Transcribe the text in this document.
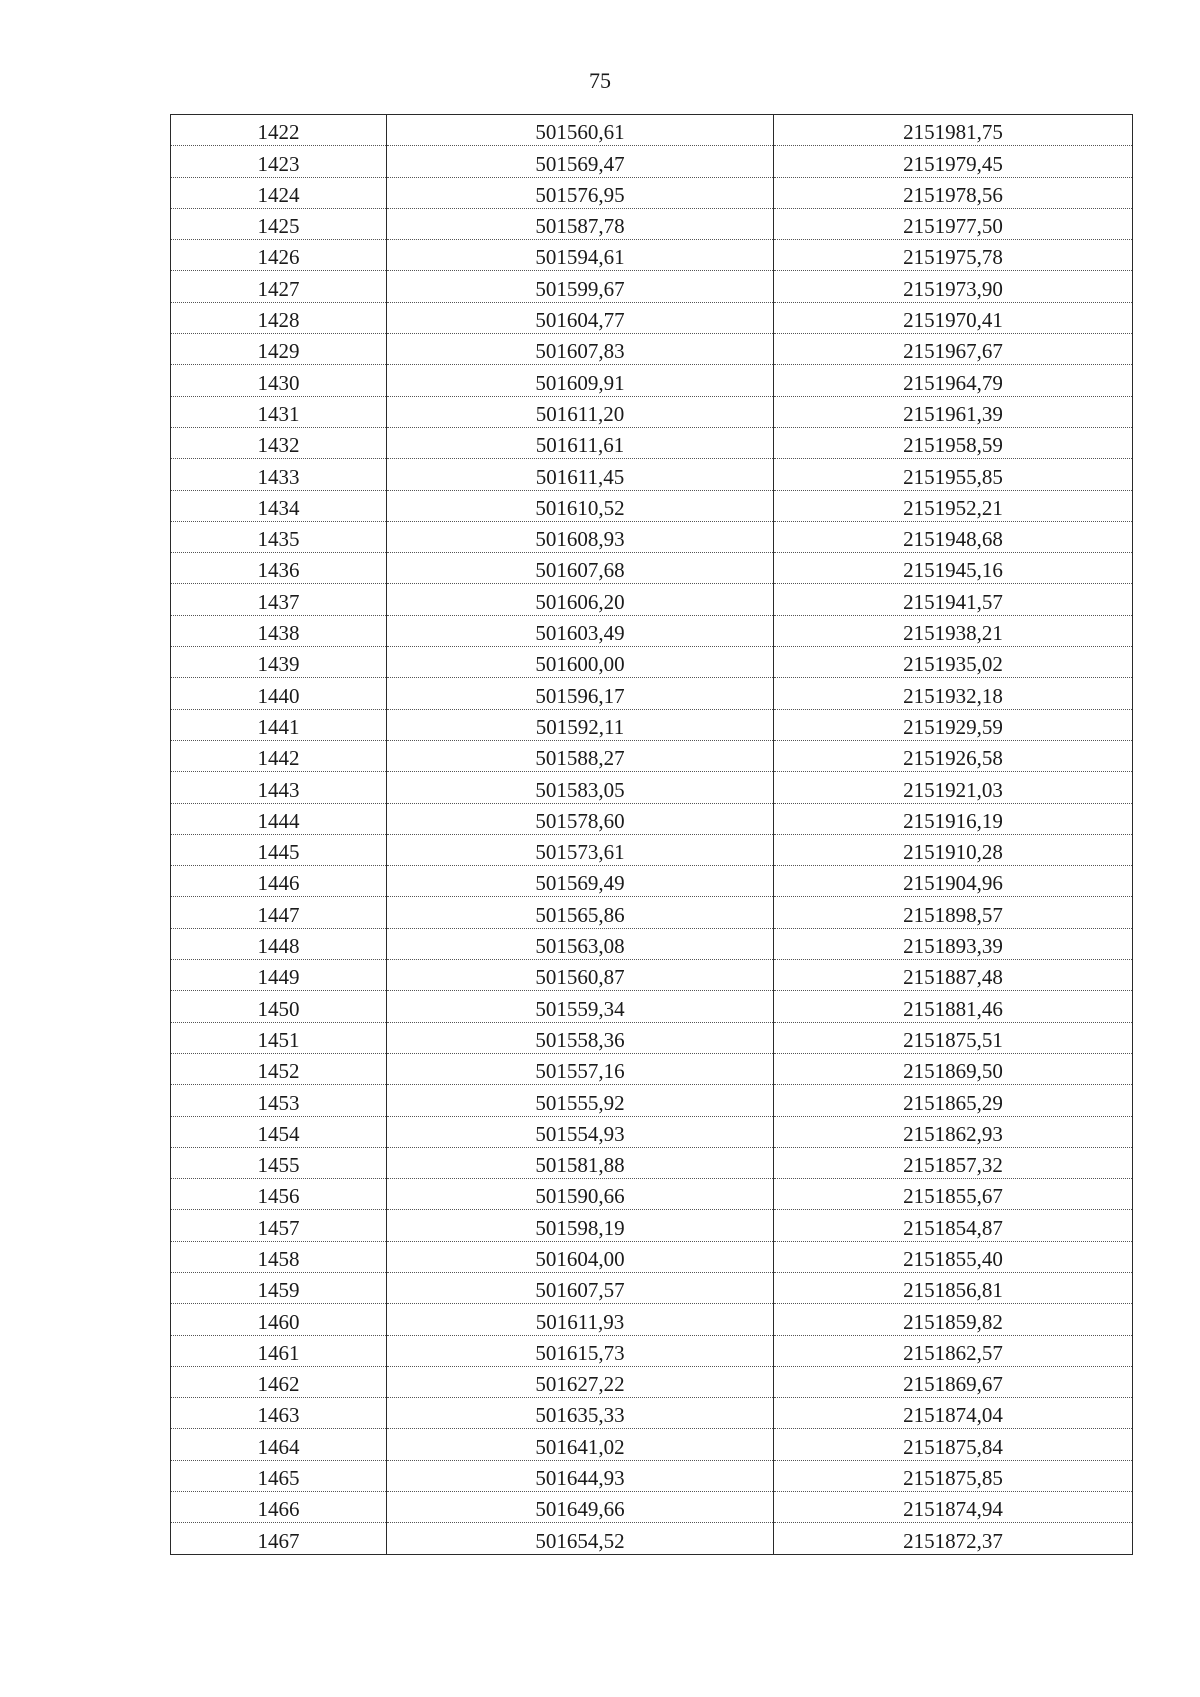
75
1422	501560,61	2151981,75
1423	501569,47	2151979,45
1424	501576,95	2151978,56
1425	501587,78	2151977,50
1426	501594,61	2151975,78
1427	501599,67	2151973,90
1428	501604,77	2151970,41
1429	501607,83	2151967,67
1430	501609,91	2151964,79
1431	501611,20	2151961,39
1432	501611,61	2151958,59
1433	501611,45	2151955,85
1434	501610,52	2151952,21
1435	501608,93	2151948,68
1436	501607,68	2151945,16
1437	501606,20	2151941,57
1438	501603,49	2151938,21
1439	501600,00	2151935,02
1440	501596,17	2151932,18
1441	501592,11	2151929,59
1442	501588,27	2151926,58
1443	501583,05	2151921,03
1444	501578,60	2151916,19
1445	501573,61	2151910,28
1446	501569,49	2151904,96
1447	501565,86	2151898,57
1448	501563,08	2151893,39
1449	501560,87	2151887,48
1450	501559,34	2151881,46
1451	501558,36	2151875,51
1452	501557,16	2151869,50
1453	501555,92	2151865,29
1454	501554,93	2151862,93
1455	501581,88	2151857,32
1456	501590,66	2151855,67
1457	501598,19	2151854,87
1458	501604,00	2151855,40
1459	501607,57	2151856,81
1460	501611,93	2151859,82
1461	501615,73	2151862,57
1462	501627,22	2151869,67
1463	501635,33	2151874,04
1464	501641,02	2151875,84
1465	501644,93	2151875,85
1466	501649,66	2151874,94
1467	501654,52	2151872,37
